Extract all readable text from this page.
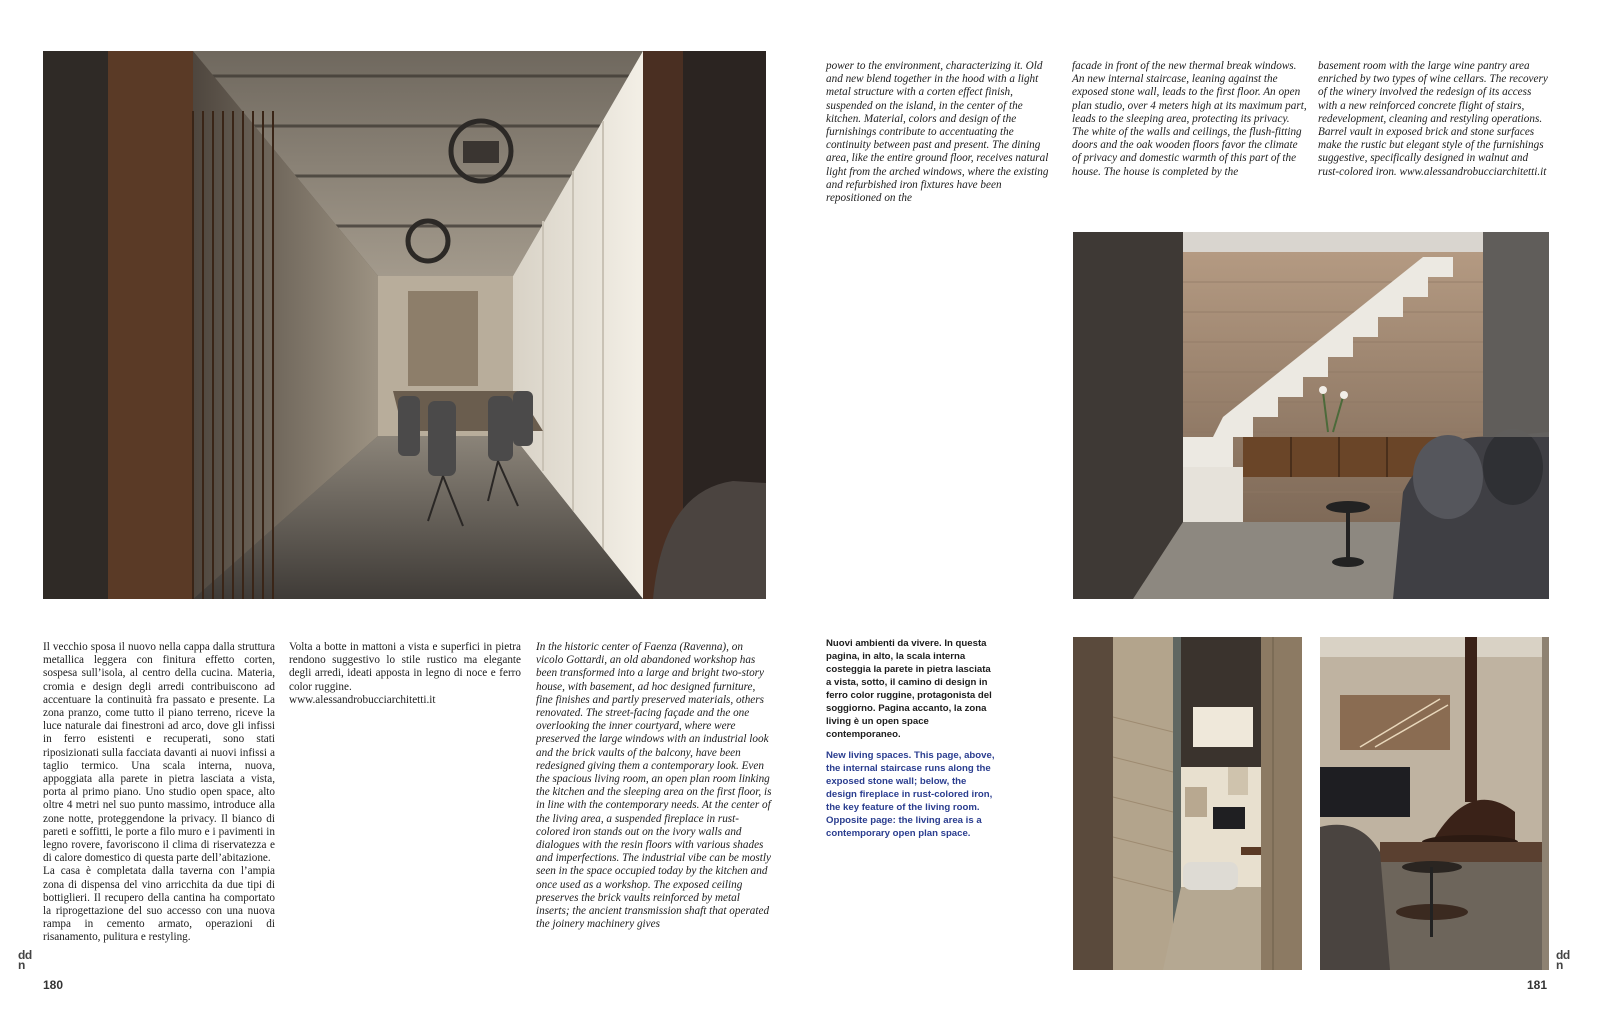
Il vecchio sposa il nuovo nella cappa dalla struttura metallica leggera con finitura effetto corten, sospesa sull’isola, al centro della cucina. Materia, cromia e design degli arredi contribuiscono ad accentuare la continuità fra passato e presente. La zona pranzo, come tutto il piano terreno, riceve la luce naturale dai finestroni ad arco, dove gli infissi in ferro esistenti e recuperati, sono stati riposizionati sulla facciata davanti ai nuovi infissi a taglio termico. Una scala interna, nuova, appoggiata alla parete in pietra lasciata a vista, porta al primo piano. Uno studio open space, alto oltre 4 metri nel suo punto massimo, introduce alla zone notte, proteggendone la privacy. Il bianco di pareti e soffitti, le porte a filo muro e i pavimenti in legno rovere, favoriscono il clima di riservatezza e di calore domestico di questa parte dell’abitazione.

La casa è completata dalla taverna con l’ampia zona di dispensa del vino arricchita da due tipi di bottiglieri. Il recupero della cantina ha comportato la riprogettazione del suo accesso con una nuova rampa in cemento armato, operazioni di risanamento, pulitura e restyling.

Volta a botte in mattoni a vista e superfici in pietra rendono suggestivo lo stile rustico ma elegante degli arredi, ideati apposta in legno di noce e ferro color ruggine.

www.alessandrobucciarchitetti.it

In the historic center of Faenza (Ravenna), on vicolo Gottardi, an old abandoned workshop has been transformed into a large and bright two-story house, with basement, ad hoc designed furniture, fine finishes and partly preserved materials, others renovated. The street-facing façade and the one overlooking the inner courtyard, where were preserved the large windows with an industrial look and the brick vaults of the balcony, have been redesigned giving them a contemporary look. Even the spacious living room, an open plan room linking the kitchen and the sleeping area on the first floor, is in line with the contemporary needs. At the center of the living area, a suspended fireplace in rust-colored iron stands out on the ivory walls and dialogues with the resin floors with various shades and imperfections. The industrial vibe can be mostly seen in the space occupied today by the kitchen and once used as a workshop. The exposed ceiling preserves the brick vaults reinforced by metal inserts; the ancient transmission shaft that operated the joinery machinery gives

dd
n
180

power to the environment, characterizing it. Old and new blend together in the hood with a light metal structure with a corten effect finish, suspended on the island, in the center of the kitchen. Material, colors and design of the furnishings contribute to accentuating the continuity between past and present. The dining area, like the entire ground floor, receives natural light from the arched windows, where the existing and refurbished iron fixtures have been repositioned on the

facade in front of the new thermal break windows. An new internal staircase, leaning against the exposed stone wall, leads to the first floor. An open plan studio, over 4 meters high at its maximum part, leads to the sleeping area, protecting its privacy. The white of the walls and ceilings, the flush-fitting doors and the oak wooden floors favor the climate of privacy and domestic warmth of this part of the house. The house is completed by the

basement room with the large wine pantry area enriched by two types of wine cellars. The recovery of the winery involved the redesign of its access with a new reinforced concrete flight of stairs, redevelopment, cleaning and restyling operations. Barrel vault in exposed brick and stone surfaces make the rustic but elegant style of the furnishings suggestive, specifically designed in walnut and rust-colored iron. www.alessandrobucciarchitetti.it

Nuovi ambienti da vivere. In questa pagina, in alto, la scala interna costeggia la parete in pietra lasciata a vista, sotto, il camino di design in ferro color ruggine, protagonista del soggiorno. Pagina accanto, la zona living è un open space contemporaneo.

New living spaces. This page, above, the internal staircase runs along the exposed stone wall; below, the design fireplace in rust-colored iron, the key feature of the living room. Opposite page: the living area is a contemporary open plan space.

dd
n
181
